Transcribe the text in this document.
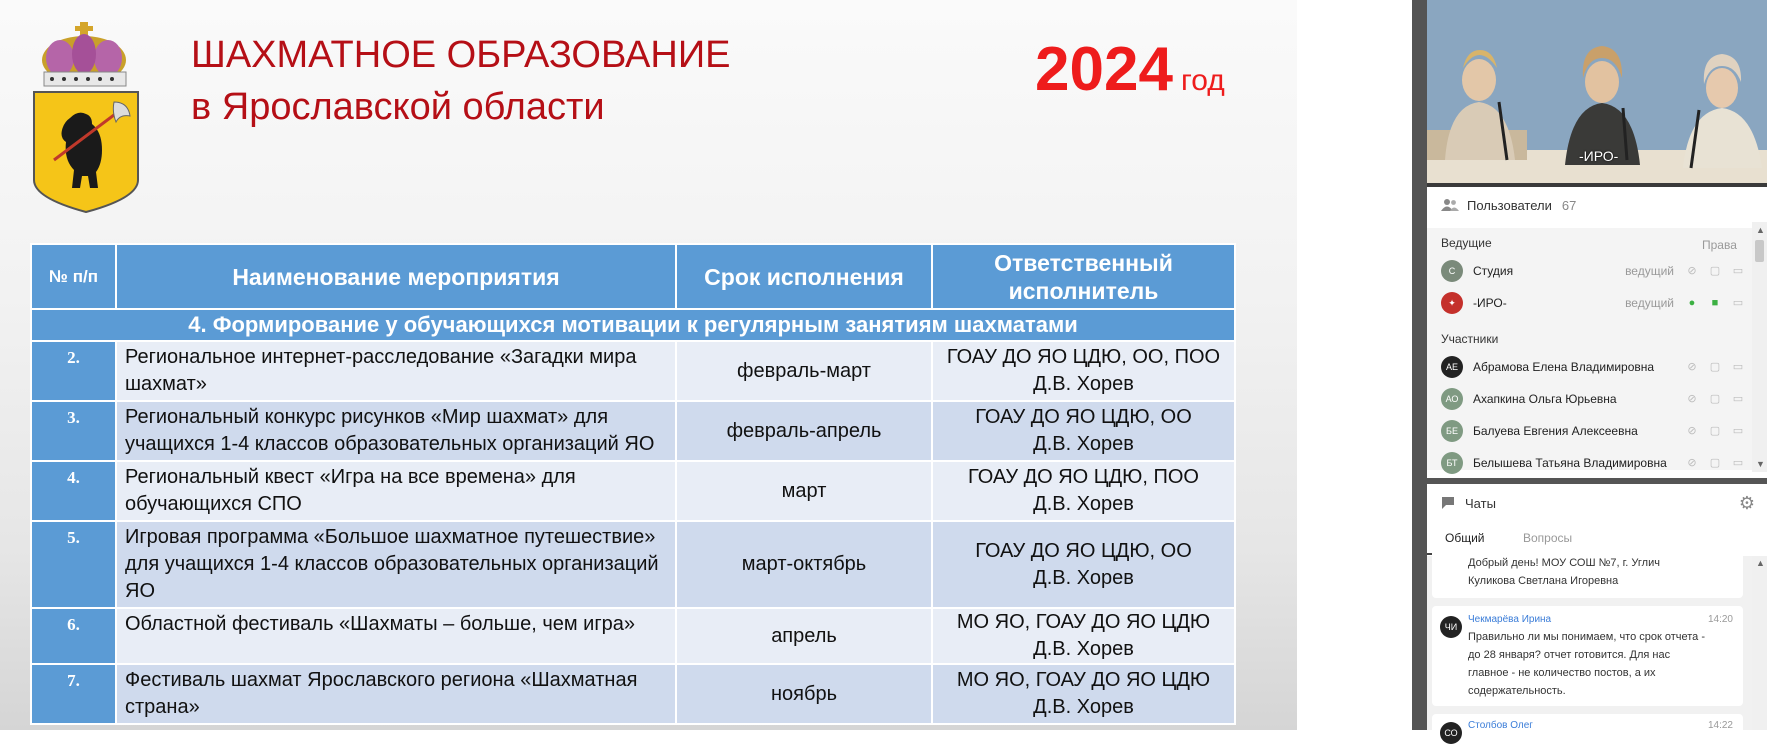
ШАХМАТНОЕ ОБРАЗОВАНИЕ
в Ярославской области
2024 год
№ п/п	Наименование мероприятия	Срок исполнения	Ответственный исполнитель
4. Формирование у обучающихся мотивации к регулярным занятиям шахматами			
2.	Региональное интернет-расследование «Загадки мира шахмат»	февраль-март	ГОАУ ДО ЯО ЦДЮ, ОО, ПОО
Д.В. Хорев

3.	Региональный конкурс рисунков «Мир шахмат» для учащихся 1-4 классов образовательных организаций ЯО	февраль-апрель	ГОАУ ДО ЯО ЦДЮ, ОО
Д.В. Хорев

4.	Региональный квест «Игра на все времена» для обучающихся СПО	март	ГОАУ ДО ЯО ЦДЮ, ПОО
Д.В. Хорев

5.	Игровая программа «Большое шахматное путешествие» для учащихся 1-4 классов образовательных организаций ЯО	март-октябрь	ГОАУ ДО ЯО ЦДЮ, ОО
Д.В. Хорев

6.	Областной фестиваль «Шахматы – больше, чем игра»	апрель	МО ЯО, ГОАУ ДО ЯО ЦДЮ
Д.В. Хорев

7.	Фестиваль шахмат Ярославского региона «Шахматная страна»	ноябрь	МО ЯО, ГОАУ ДО ЯО ЦДЮ
Д.В. Хорев
-ИРО-
Пользователи 67
Ведущие	Права
С	Студия	ведущий	⊘	▢ ▭
✦	-ИРО-	ведущий	●	■	▭
Участники
АЕ	Абрамова Елена Владимировна	⊘	▢ ▭
АО	Ахапкина Ольга Юрьевна	⊘	▢ ▭
БЕ	Балуева Евгения Алексеевна	⊘	▢ ▭
БТ	Белышева Татьяна Владимировна	⊘	▢ ▭
▲
▼
Чаты	⚙
Общий	Вопросы
Добрый день! МОУ СОШ №7, г. Углич
Куликова Светлана Игоревна
ЧИ
Чекмарёва Ирина	14:20
Правильно ли мы понимаем, что срок отчета -
до 28 января? отчет готовится. Для нас
главное - не количество постов, а их
содержательность.
СО
Столбов Олег	14:22
▲
